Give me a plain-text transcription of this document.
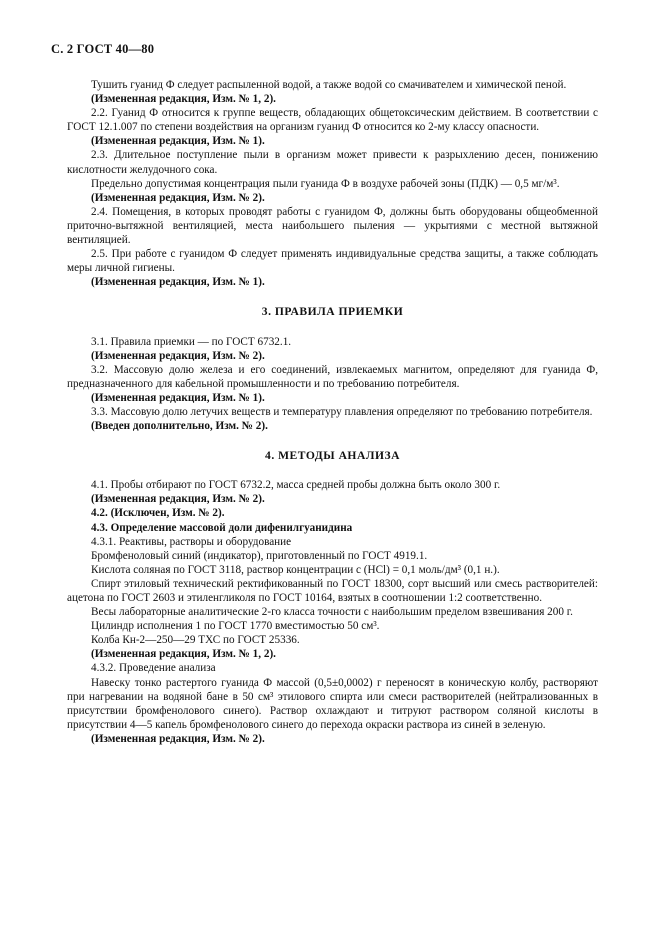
С. 2 ГОСТ 40—80

Тушить гуанид Ф следует распыленной водой, а также водой со смачивателем и химической пеной.

(Измененная редакция, Изм. № 1, 2).

2.2. Гуанид Ф относится к группе веществ, обладающих общетоксическим действием. В соответствии с ГОСТ 12.1.007 по степени воздействия на организм гуанид Ф относится ко 2-му классу опасности.

(Измененная редакция, Изм. № 1).

2.3. Длительное поступление пыли в организм может привести к разрыхлению десен, понижению кислотности желудочного сока.

Предельно допустимая концентрация пыли гуанида Ф в воздухе рабочей зоны (ПДК) — 0,5 мг/м³.

(Измененная редакция, Изм. № 2).

2.4. Помещения, в которых проводят работы с гуанидом Ф, должны быть оборудованы общеобменной приточно-вытяжной вентиляцией, места наибольшего пыления — укрытиями с местной вытяжной вентиляцией.

2.5. При работе с гуанидом Ф следует применять индивидуальные средства защиты, а также соблюдать меры личной гигиены.

(Измененная редакция, Изм. № 1).

3. ПРАВИЛА ПРИЕМКИ

3.1. Правила приемки — по ГОСТ 6732.1.

(Измененная редакция, Изм. № 2).

3.2. Массовую долю железа и его соединений, извлекаемых магнитом, определяют для гуанида Ф, предназначенного для кабельной промышленности и по требованию потребителя.

(Измененная редакция, Изм. № 1).

3.3. Массовую долю летучих веществ и температуру плавления определяют по требованию потребителя.

(Введен дополнительно, Изм. № 2).

4. МЕТОДЫ АНАЛИЗА

4.1. Пробы отбирают по ГОСТ 6732.2, масса средней пробы должна быть около 300 г.

(Измененная редакция, Изм. № 2).

4.2. (Исключен, Изм. № 2).

4.3. Определение массовой доли дифенилгуанидина

4.3.1. Реактивы, растворы и оборудование

Бромфеноловый синий (индикатор), приготовленный по ГОСТ 4919.1.

Кислота соляная по ГОСТ 3118, раствор концентрации с (HCl) = 0,1 моль/дм³ (0,1 н.).

Спирт этиловый технический ректификованный по ГОСТ 18300, сорт высший или смесь растворителей: ацетона по ГОСТ 2603 и этиленгликоля по ГОСТ 10164, взятых в соотношении 1:2 соответственно.

Весы лабораторные аналитические 2-го класса точности с наибольшим пределом взвешивания 200 г.

Цилиндр исполнения 1 по ГОСТ 1770 вместимостью 50 см³.

Колба Кн-2—250—29 ТХС по ГОСТ 25336.

(Измененная редакция, Изм. № 1, 2).

4.3.2. Проведение анализа

Навеску тонко растертого гуанида Ф массой (0,5±0,0002) г переносят в коническую колбу, растворяют при нагревании на водяной бане в 50 см³ этилового спирта или смеси растворителей (нейтрализованных в присутствии бромфенолового синего). Раствор охлаждают и титруют раствором соляной кислоты в присутствии 4—5 капель бромфенолового синего до перехода окраски раствора из синей в зеленую.

(Измененная редакция, Изм. № 2).
